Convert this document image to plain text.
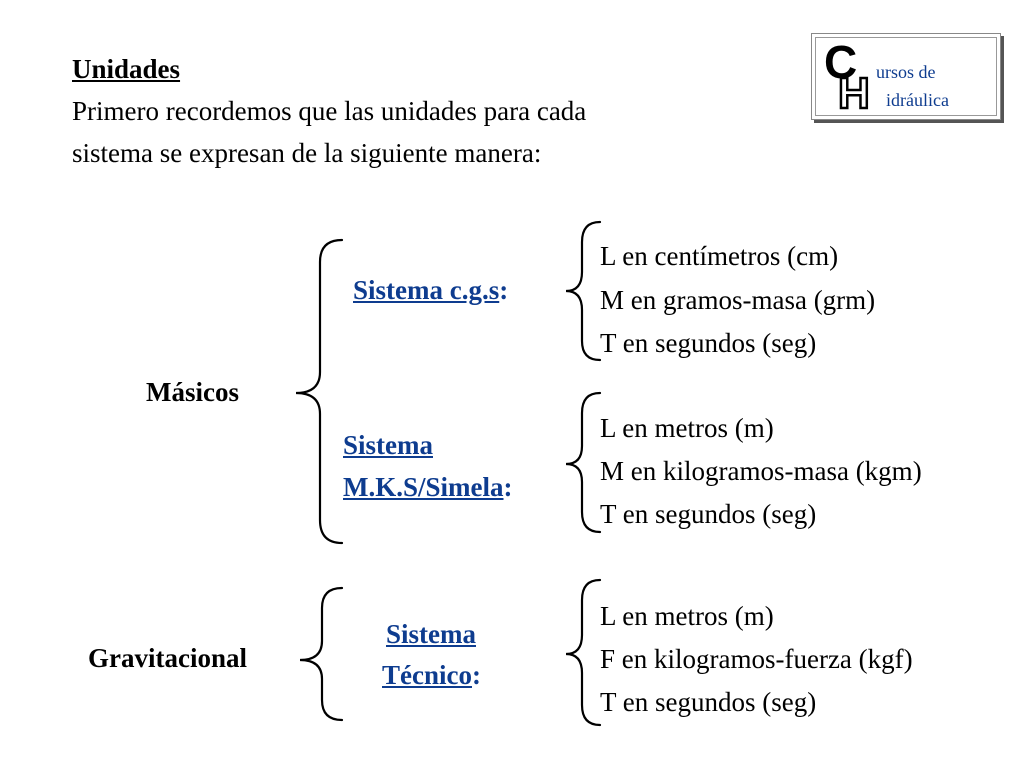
Unidades
Primero recordemos que las unidades para cada
sistema se expresan de la siguiente manera:
C
H ursos de
idráulica
Másicos
Gravitacional
Sistema c.g.s:
Sistema
M.K.S/Simela:
Sistema
Técnico:
L en centímetros (cm)
M en gramos-masa (grm)
T en segundos (seg)
L en metros (m)
M en kilogramos-masa (kgm)
T en segundos (seg)
L en metros (m)
F en kilogramos-fuerza (kgf)
T en segundos (seg)
